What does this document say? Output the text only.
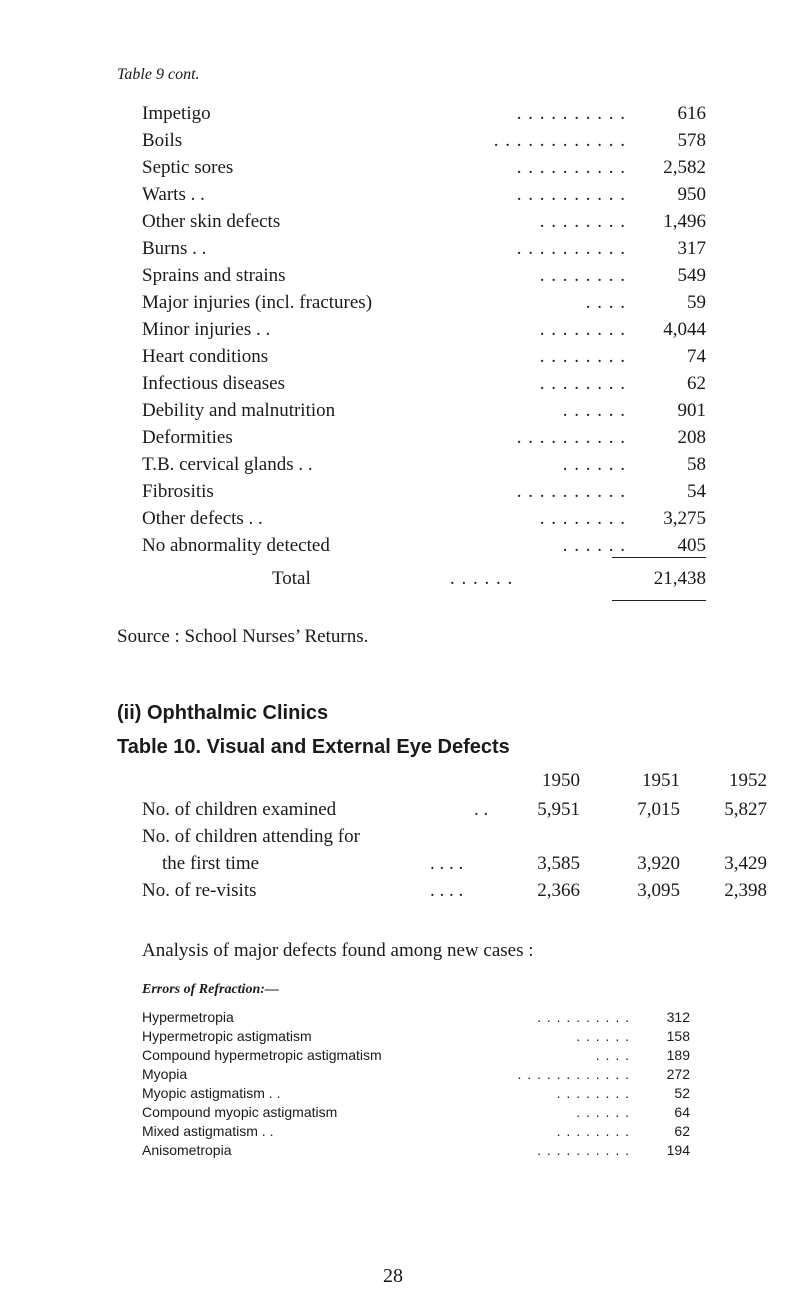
Table 9 cont.
Impetigo	. . . . . . . . . .	616
Boils	. . . . . . . . . . . .	578
Septic sores	. . . . . . . . . . 2,582
Warts . .	. . . . . . . . . .	950
Other skin defects	. . . . . . . . 1,496
Burns . .	. . . . . . . . . .	317
Sprains and strains	. . . . . . . .	549
Major injuries (incl. fractures)	. . . .	59
Minor injuries . .	. . . . . . . . 4,044
Heart conditions	. . . . . . . .	74
Infectious diseases	. . . . . . . .	62
Debility and malnutrition	. . . . . .	901
Deformities	. . . . . . . . . .	208
T.B. cervical glands . .	. . . . . .	58
Fibrositis	. . . . . . . . . .	54
Other defects . .	. . . . . . . . 3,275
No abnormality detected	. . . . . .	405
Total	. . . . . .	21,438
Source : School Nurses’ Returns.
(ii) Ophthalmic Clinics
Table 10. Visual and External Eye Defects
1950	1951	1952
No. of children examined	. .	5,951	7,015	5,827
No. of children attending for
the first time	. . . .	3,585	3,920	3,429
No. of re-visits	. . . .	2,366	3,095	2,398
Analysis of major defects found among new cases :
Errors of Refraction:—
Hypermetropia	. . . . . . . . . .	312
Hypermetropic astigmatism	. . . . . .	158
Compound hypermetropic astigmatism	. . . .	189
Myopia	. . . . . . . . . . . .	272
Myopic astigmatism . .	. . . . . . . .	52
Compound myopic astigmatism	. . . . . .	64
Mixed astigmatism . .	. . . . . . . .	62
Anisometropia	. . . . . . . . . .	194
28
